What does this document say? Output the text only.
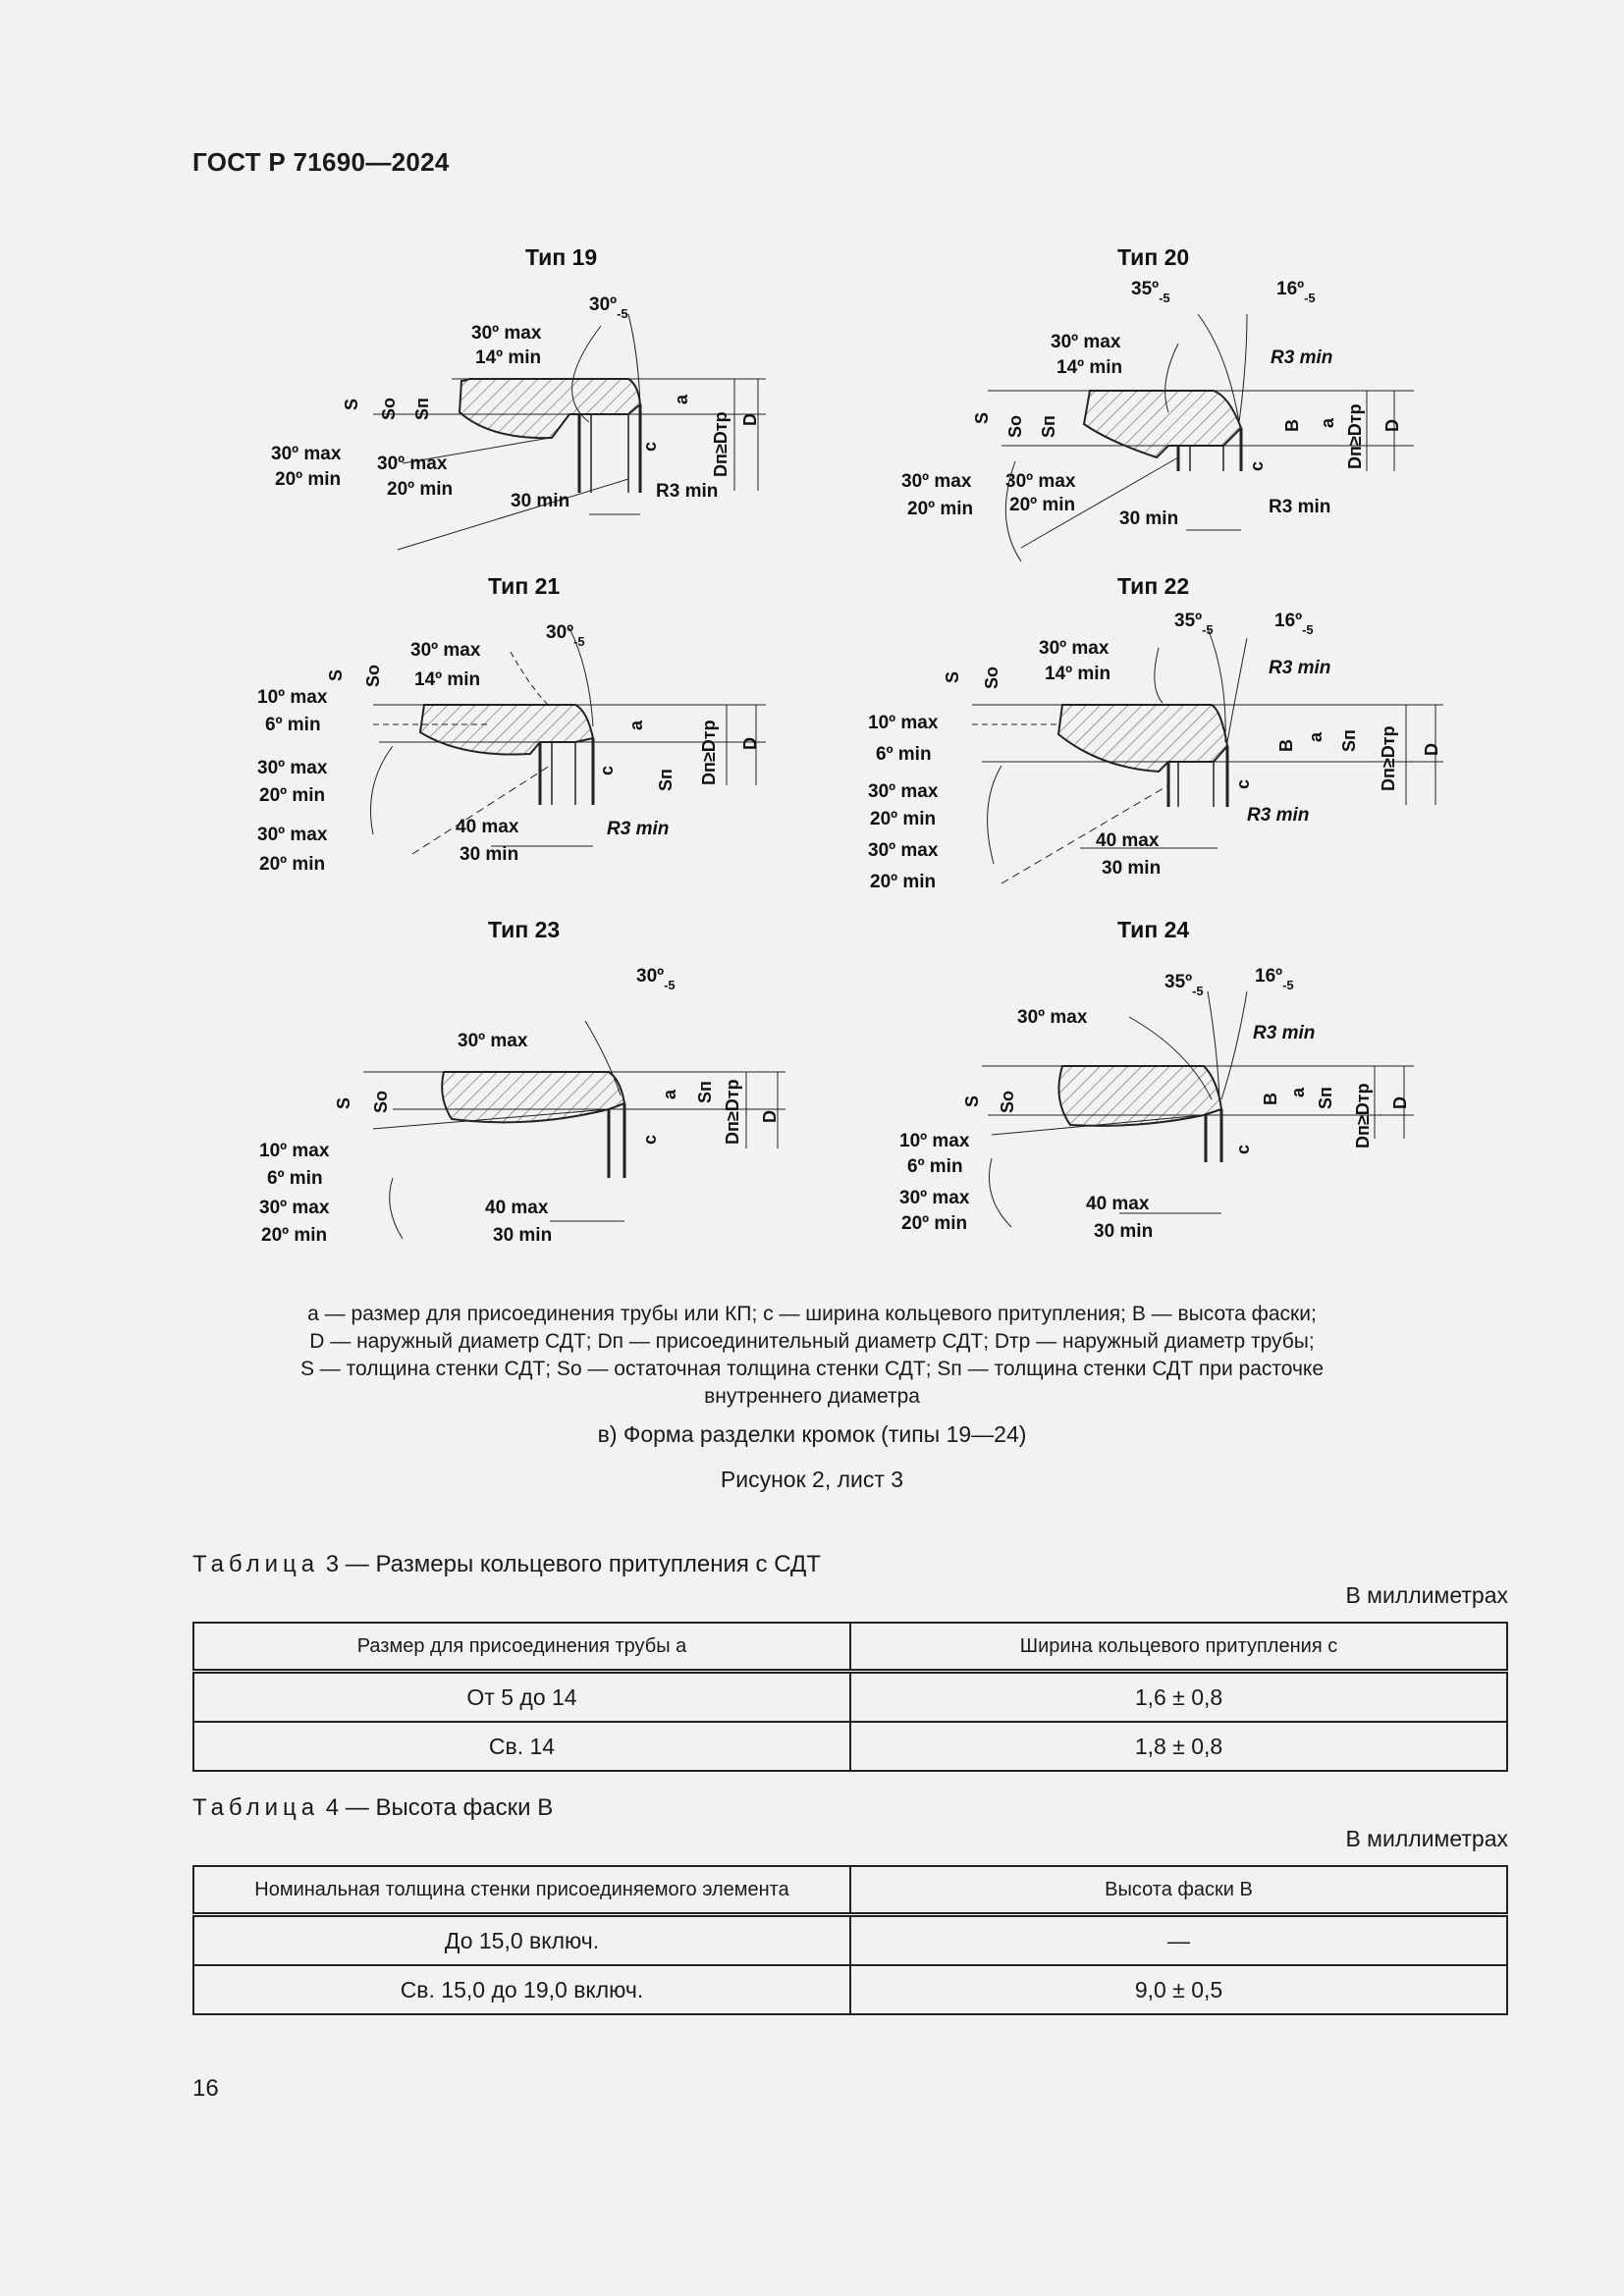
ГОСТ Р 71690—2024
Тип 19
30º max
14º min
30º$_{-5}$
30º max
20º min
30º max
20º min
30 min	R3 min
S Sо Sп	a
c	Dп≥Dтр D
Тип 20
35º$_{-5}$	16º$_{-5}$
30º max
14º min	R3 min
30º max
20º min
30º max
20º min
30 min
R3 min
S Sо Sп
c
B a Dп≥Dтр D
Тип 21
30º max
14º min
30º$_{-5}$
10º max
6º min
30º max
20º min
30º max
20º min
40 max
30 min
R3 min
S Sо
a
c Sп Dп≥Dтр D
Тип 22
35º$_{-5}$	16º$_{-5}$
30º max
14º min	R3 min
10º max
6º min
30º max
20º min
30º max
20º min
40 max
30 min
R3 min
S Sо
c
B
a Sп Dп≥Dтр D
Тип 23
30º$_{-5}$
30º max
10º max
6º min
30º max
20º min
40 max
30 min
S Sо	a
c
Sп Dп≥Dтр D
Тип 24
35º$_{-5}$
16º$_{-5}$
30º max
R3 min
10º max
6º min
30º max
20º min
40 max
30 min
S Sо
c
B
a Sп Dп≥Dтр D
a — размер для присоединения трубы или КП; c — ширина кольцевого притупления; B — высота фаски;
D — наружный диаметр СДТ; Dп — присоединительный диаметр СДТ; Dтр — наружный диаметр трубы;
S — толщина стенки СДТ; Sо — остаточная толщина стенки СДТ; Sп — толщина стенки СДТ при расточке
внутреннего диаметра
в) Форма разделки кромок (типы 19—24)
Рисунок 2, лист 3
Таблица 3 — Размеры кольцевого притупления c СДТ
В миллиметрах
Размер для присоединения трубы a	Ширина кольцевого притупления c
От 5 до 14	1,6 ± 0,8
Св. 14	1,8 ± 0,8
Таблица 4 — Высота фаски B
В миллиметрах
Номинальная толщина стенки присоединяемого элемента	Высота фаски B
До 15,0 включ.	—
Св. 15,0 до 19,0 включ.	9,0 ± 0,5
16
